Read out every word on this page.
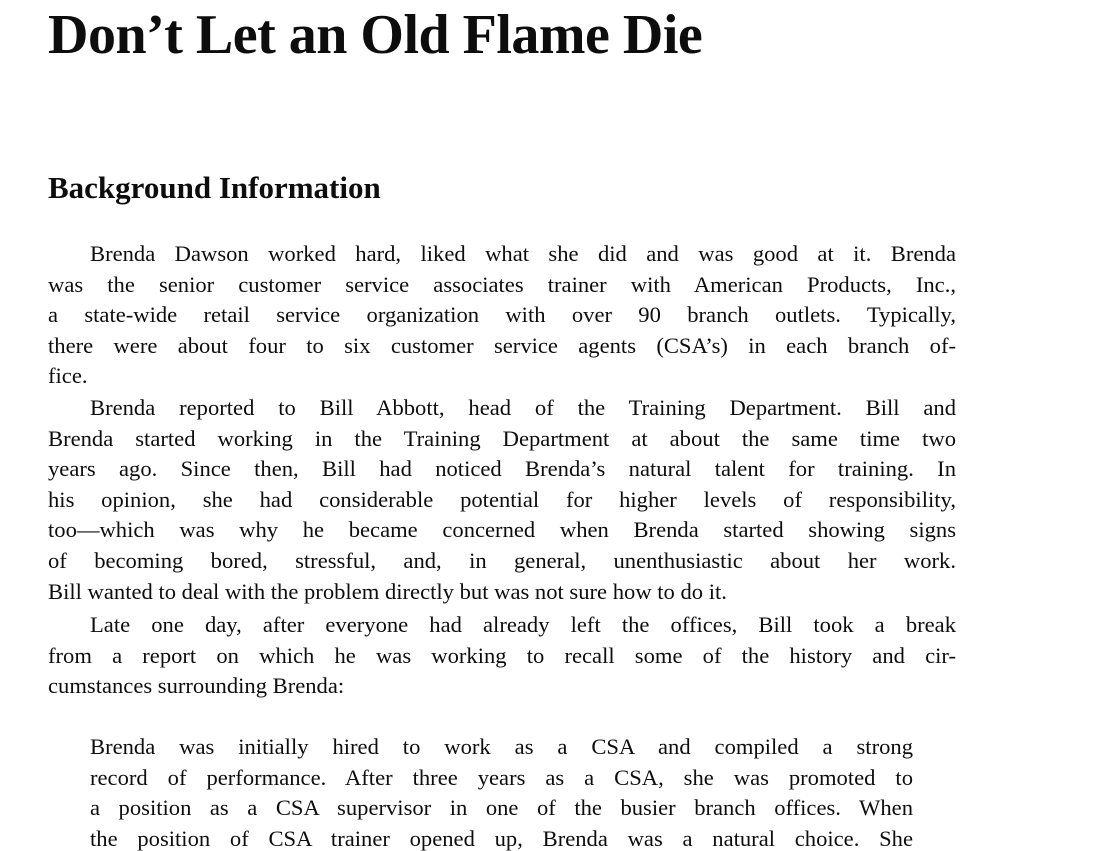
Don’t Let an Old Flame Die
Background Information
Brenda Dawson worked hard, liked what she did and was good at it. Brenda
was the senior customer service associates trainer with American Products, Inc.,
a state-wide retail service organization with over 90 branch outlets. Typically,
there were about four to six customer service agents (CSA’s) in each branch of-
fice.
Brenda reported to Bill Abbott, head of the Training Department. Bill and
Brenda started working in the Training Department at about the same time two
years ago. Since then, Bill had noticed Brenda’s natural talent for training. In
his opinion, she had considerable potential for higher levels of responsibility,
too—which was why he became concerned when Brenda started showing signs
of becoming bored, stressful, and, in general, unenthusiastic about her work.
Bill wanted to deal with the problem directly but was not sure how to do it.
Late one day, after everyone had already left the offices, Bill took a break
from a report on which he was working to recall some of the history and cir-
cumstances surrounding Brenda:
Brenda was initially hired to work as a CSA and compiled a strong
record of performance. After three years as a CSA, she was promoted to
a position as a CSA supervisor in one of the busier branch offices. When
the position of CSA trainer opened up, Brenda was a natural choice. She
